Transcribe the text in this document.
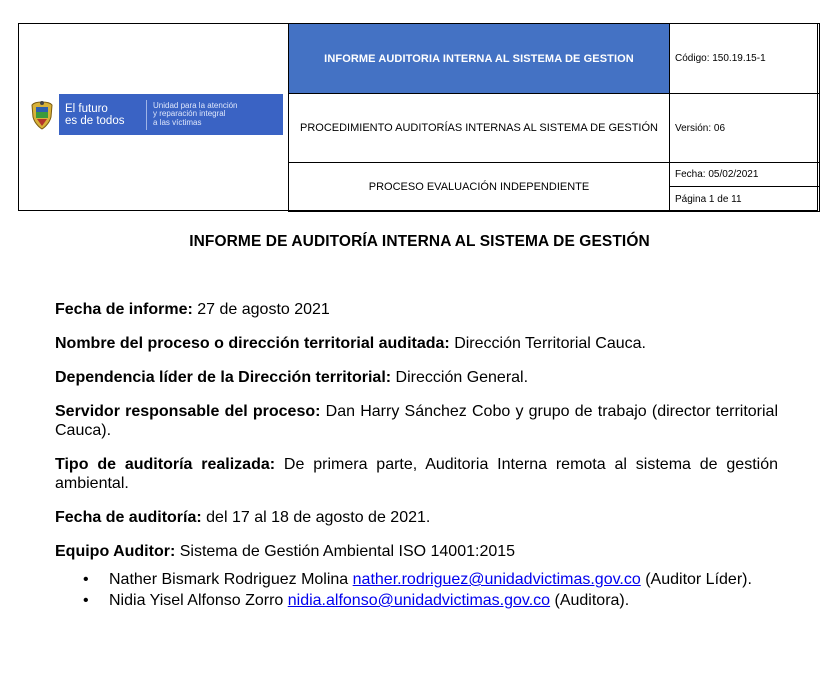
El futuro
es de todos
Unidad para la atención
y reparación integral
a las víctimas
INFORME AUDITORIA INTERNA AL SISTEMA DE GESTION
PROCEDIMIENTO AUDITORÍAS INTERNAS AL SISTEMA DE GESTIÓN
PROCESO EVALUACIÓN INDEPENDIENTE
Código: 150.19.15-1
Versión: 06
Fecha: 05/02/2021
Página 1 de 11
INFORME DE AUDITORÍA INTERNA AL SISTEMA DE GESTIÓN

Fecha de informe: 27 de agosto 2021

Nombre del proceso o dirección territorial auditada: Dirección Territorial Cauca.

Dependencia líder de la Dirección territorial: Dirección General.

Servidor responsable del proceso: Dan Harry Sánchez Cobo y grupo de trabajo (director territorial Cauca).

Tipo de auditoría realizada: De primera parte, Auditoria Interna remota al sistema de gestión ambiental.

Fecha de auditoría: del 17 al 18 de agosto de 2021.

Equipo Auditor: Sistema de Gestión Ambiental ISO 14001:2015

• Nather Bismark Rodriguez Molina nather.rodriguez@unidadvictimas.gov.co (Auditor Líder).
• Nidia Yisel Alfonso Zorro nidia.alfonso@unidadvictimas.gov.co (Auditora).
